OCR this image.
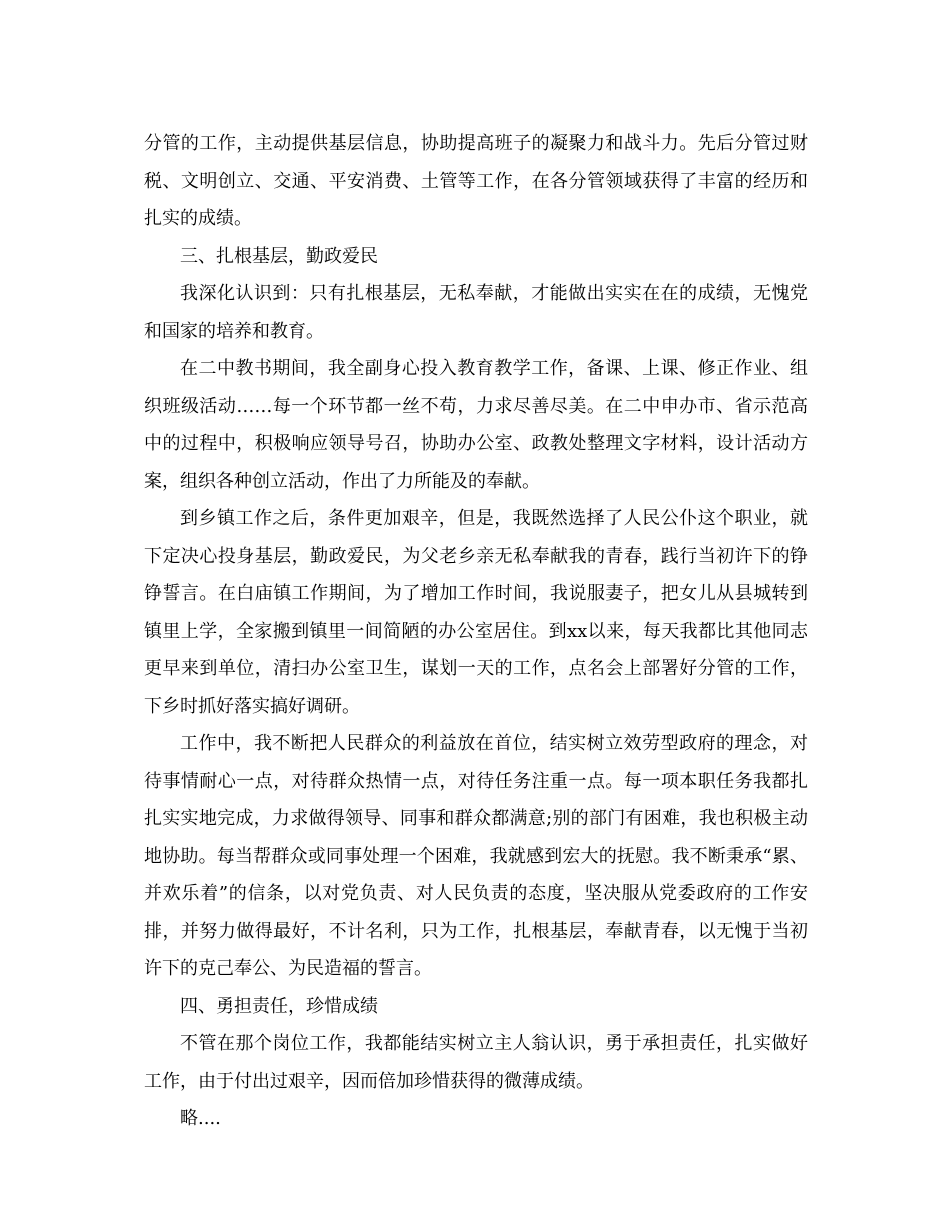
分管的工作，主动提供基层信息，协助提高班子的凝聚力和战斗力。先后分管过财税、文明创立、交通、平安消费、土管等工作，在各分管领域获得了丰富的经历和扎实的成绩。

三、扎根基层，勤政爱民

我深化认识到：只有扎根基层，无私奉献，才能做出实实在在的成绩，无愧党和国家的培养和教育。

在二中教书期间，我全副身心投入教育教学工作，备课、上课、修正作业、组织班级活动……每一个环节都一丝不苟，力求尽善尽美。在二中申办市、省示范高中的过程中，积极响应领导号召，协助办公室、政教处整理文字材料，设计活动方案，组织各种创立活动，作出了力所能及的奉献。

到乡镇工作之后，条件更加艰辛，但是，我既然选择了人民公仆这个职业，就下定决心投身基层，勤政爱民，为父老乡亲无私奉献我的青春，践行当初许下的铮铮誓言。在白庙镇工作期间，为了增加工作时间，我说服妻子，把女儿从县城转到镇里上学，全家搬到镇里一间简陋的办公室居住。到xx以来，每天我都比其他同志更早来到单位，清扫办公室卫生，谋划一天的工作，点名会上部署好分管的工作，下乡时抓好落实搞好调研。

工作中，我不断把人民群众的利益放在首位，结实树立效劳型政府的理念，对待事情耐心一点，对待群众热情一点，对待任务注重一点。每一项本职任务我都扎扎实实地完成，力求做得领导、同事和群众都满意;别的部门有困难，我也积极主动地协助。每当帮群众或同事处理一个困难，我就感到宏大的抚慰。我不断秉承“累、并欢乐着”的信条，以对党负责、对人民负责的态度，坚决服从党委政府的工作安排，并努力做得最好，不计名利，只为工作，扎根基层，奉献青春，以无愧于当初许下的克己奉公、为民造福的誓言。

四、勇担责任，珍惜成绩

不管在那个岗位工作，我都能结实树立主人翁认识，勇于承担责任，扎实做好工作，由于付出过艰辛，因而倍加珍惜获得的微薄成绩。

略....
